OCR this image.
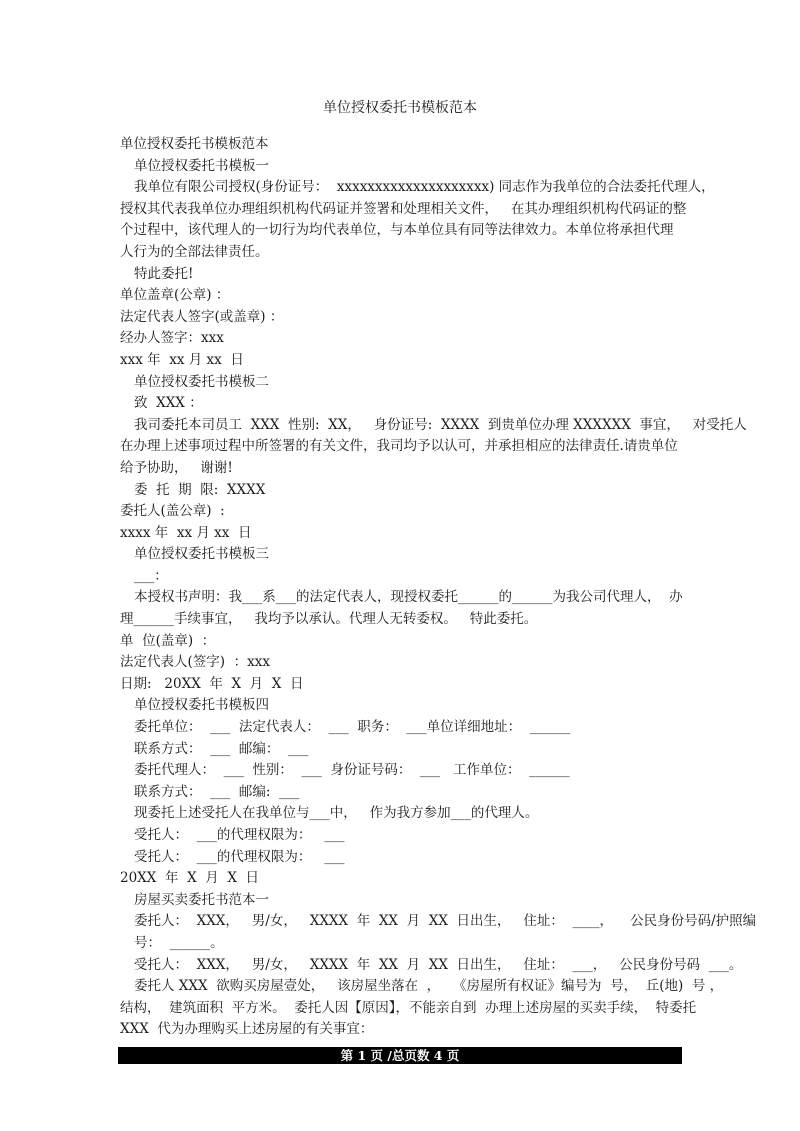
单位授权委托书模板范本
单位授权委托书模板范本
单位授权委托书模板一
我单位有限公司授权(身份证号：  xxxxxxxxxxxxxxxxxxxx) 同志作为我单位的合法委托代理人，
授权其代表我单位办理组织机构代码证并签署和处理相关文件，   在其办理组织机构代码证的整
个过程中，该代理人的一切行为均代表单位，与本单位具有同等法律效力。本单位将承担代理
人行为的全部法律责任。
特此委托!
单位盖章(公章) ：
法定代表人签字(或盖章) ：
经办人签字：xxx
xxx 年  xx 月 xx  日
单位授权委托书模板二
致  XXX ：
我司委托本司员工  XXX  性别:  XX，   身份证号:  XXXX  到贵单位办理 XXXXXX  事宜，   对受托人
在办理上述事项过程中所签署的有关文件，我司均予以认可，并承担相应的法律责任.请贵单位
给予协助，   谢谢!
委  托  期  限:  XXXX
委托人(盖公章)  :
xxxx 年  xx 月 xx  日
单位授权委托书模板三
___：
本授权书声明：我___系___的法定代表人，现授权委托______的______为我公司代理人，  办
理______手续事宜，   我均予以承认。代理人无转委权。   特此委托。
单  位(盖章)  ：
法定代表人(签字)  ：xxx
日期:   20XX  年  X  月  X  日
单位授权委托书模板四
委托单位：  ___  法定代表人：  ___  职务：  ___单位详细地址：  ______
联系方式：  ___  邮编：  ___
委托代理人：  ___  性别：  ___  身份证号码：  ___   工作单位：  ______
联系方式：  ___  邮编:  ___
现委托上述受托人在我单位与___中，   作为我方参加___的代理人。
受托人：  ___的代理权限为：   ___
受托人：  ___的代理权限为：   ___
20XX  年  X  月  X  日
房屋买卖委托书范本一
委托人：  XXX，   男/女，   XXXX  年  XX  月  XX  日出生，   住址：  ____，    公民身份号码/护照编
号：  ______。
受托人：  XXX，   男/女，   XXXX  年  XX  月  XX  日出生，   住址：  ___，   公民身份号码  ___。
委托人 XXX  欲购买房屋壹处，   该房屋坐落在  ，   《房屋所有权证》编号为  号，  丘(地)  号 ，
结构，  建筑面积  平方米。  委托人因【原因】，不能亲自到  办理上述房屋的买卖手续，  特委托
XXX  代为办理购买上述房屋的有关事宜：
第 1 页 /总页数 4 页
